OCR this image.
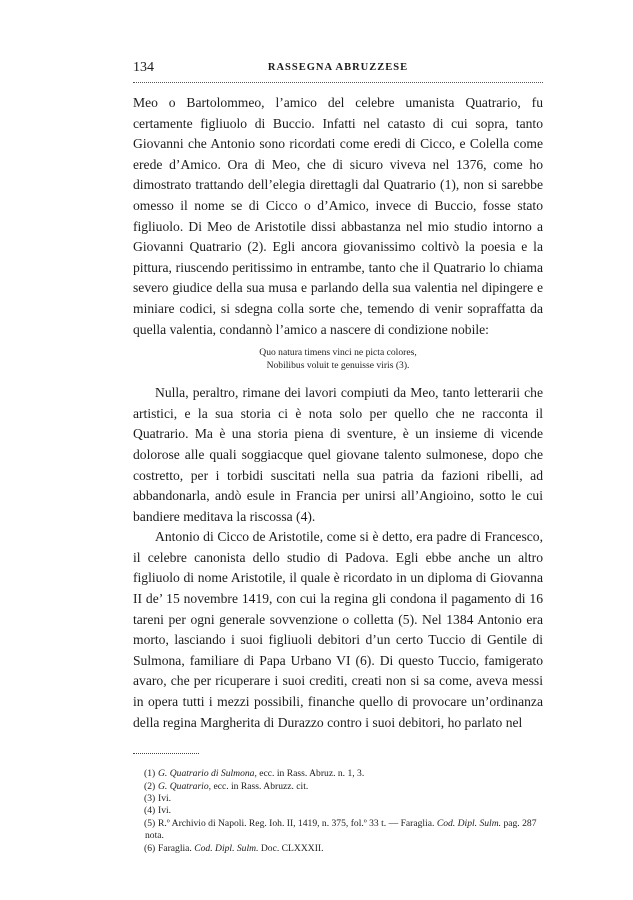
134	RASSEGNA ABRUZZESE

Meo o Bartolommeo, l’amico del celebre umanista Quatrario, fu certamente figliuolo di Buccio. Infatti nel catasto di cui sopra, tanto Giovanni che Antonio sono ricordati come eredi di Cicco, e Colella come erede d’Amico. Ora di Meo, che di sicuro viveva nel 1376, come ho dimostrato trattando dell’elegia direttagli dal Quatrario (1), non si sarebbe omesso il nome se di Cicco o d’Amico, invece di Buccio, fosse stato figliuolo. Di Meo de Aristotile dissi abbastanza nel mio studio intorno a Giovanni Quatrario (2). Egli ancora giovanissimo coltivò la poesia e la pittura, riuscendo peritissimo in entrambe, tanto che il Quatrario lo chiama severo giudice della sua musa e parlando della sua valentia nel dipingere e miniare codici, si sdegna colla sorte che, temendo di venir sopraffatta da quella valentia, condannò l’amico a nascere di condizione nobile:

Quo natura timens vinci ne picta colores,
Nobilibus voluit te genuisse viris (3).

Nulla, peraltro, rimane dei lavori compiuti da Meo, tanto letterarii che artistici, e la sua storia ci è nota solo per quello che ne racconta il Quatrario. Ma è una storia piena di sventure, è un insieme di vicende dolorose alle quali soggiacque quel giovane talento sulmonese, dopo che costretto, per i torbidi suscitati nella sua patria da fazioni ribelli, ad abbandonarla, andò esule in Francia per unirsi all’Angioino, sotto le cui bandiere meditava la riscossa (4).

Antonio di Cicco de Aristotile, come si è detto, era padre di Francesco, il celebre canonista dello studio di Padova. Egli ebbe anche un altro figliuolo di nome Aristotile, il quale è ricordato in un diploma di Giovanna II de’ 15 novembre 1419, con cui la regina gli condona il pagamento di 16 tareni per ogni generale sovvenzione o colletta (5). Nel 1384 Antonio era morto, lasciando i suoi figliuoli debitori d’un certo Tuccio di Gentile di Sulmona, familiare di Papa Urbano VI (6). Di questo Tuccio, famigerato avaro, che per ricuperare i suoi crediti, creati non si sa come, aveva messi in opera tutti i mezzi possibili, finanche quello di provocare un’ordinanza della regina Margherita di Durazzo contro i suoi debitori, ho parlato nel

(1) G. Quatrario di Sulmona, ecc. in Rass. Abruz. n. 1, 3.

(2) G. Quatrario, ecc. in Rass. Abruzz. cit.

(3) Ivi.

(4) Ivi.

(5) R.º Archivio di Napoli. Reg. Ioh. II, 1419, n. 375, fol.º 33 t. — Faraglia. Cod. Dipl. Sulm. pag. 287 nota.

(6) Faraglia. Cod. Dipl. Sulm. Doc. CLXXXII.
